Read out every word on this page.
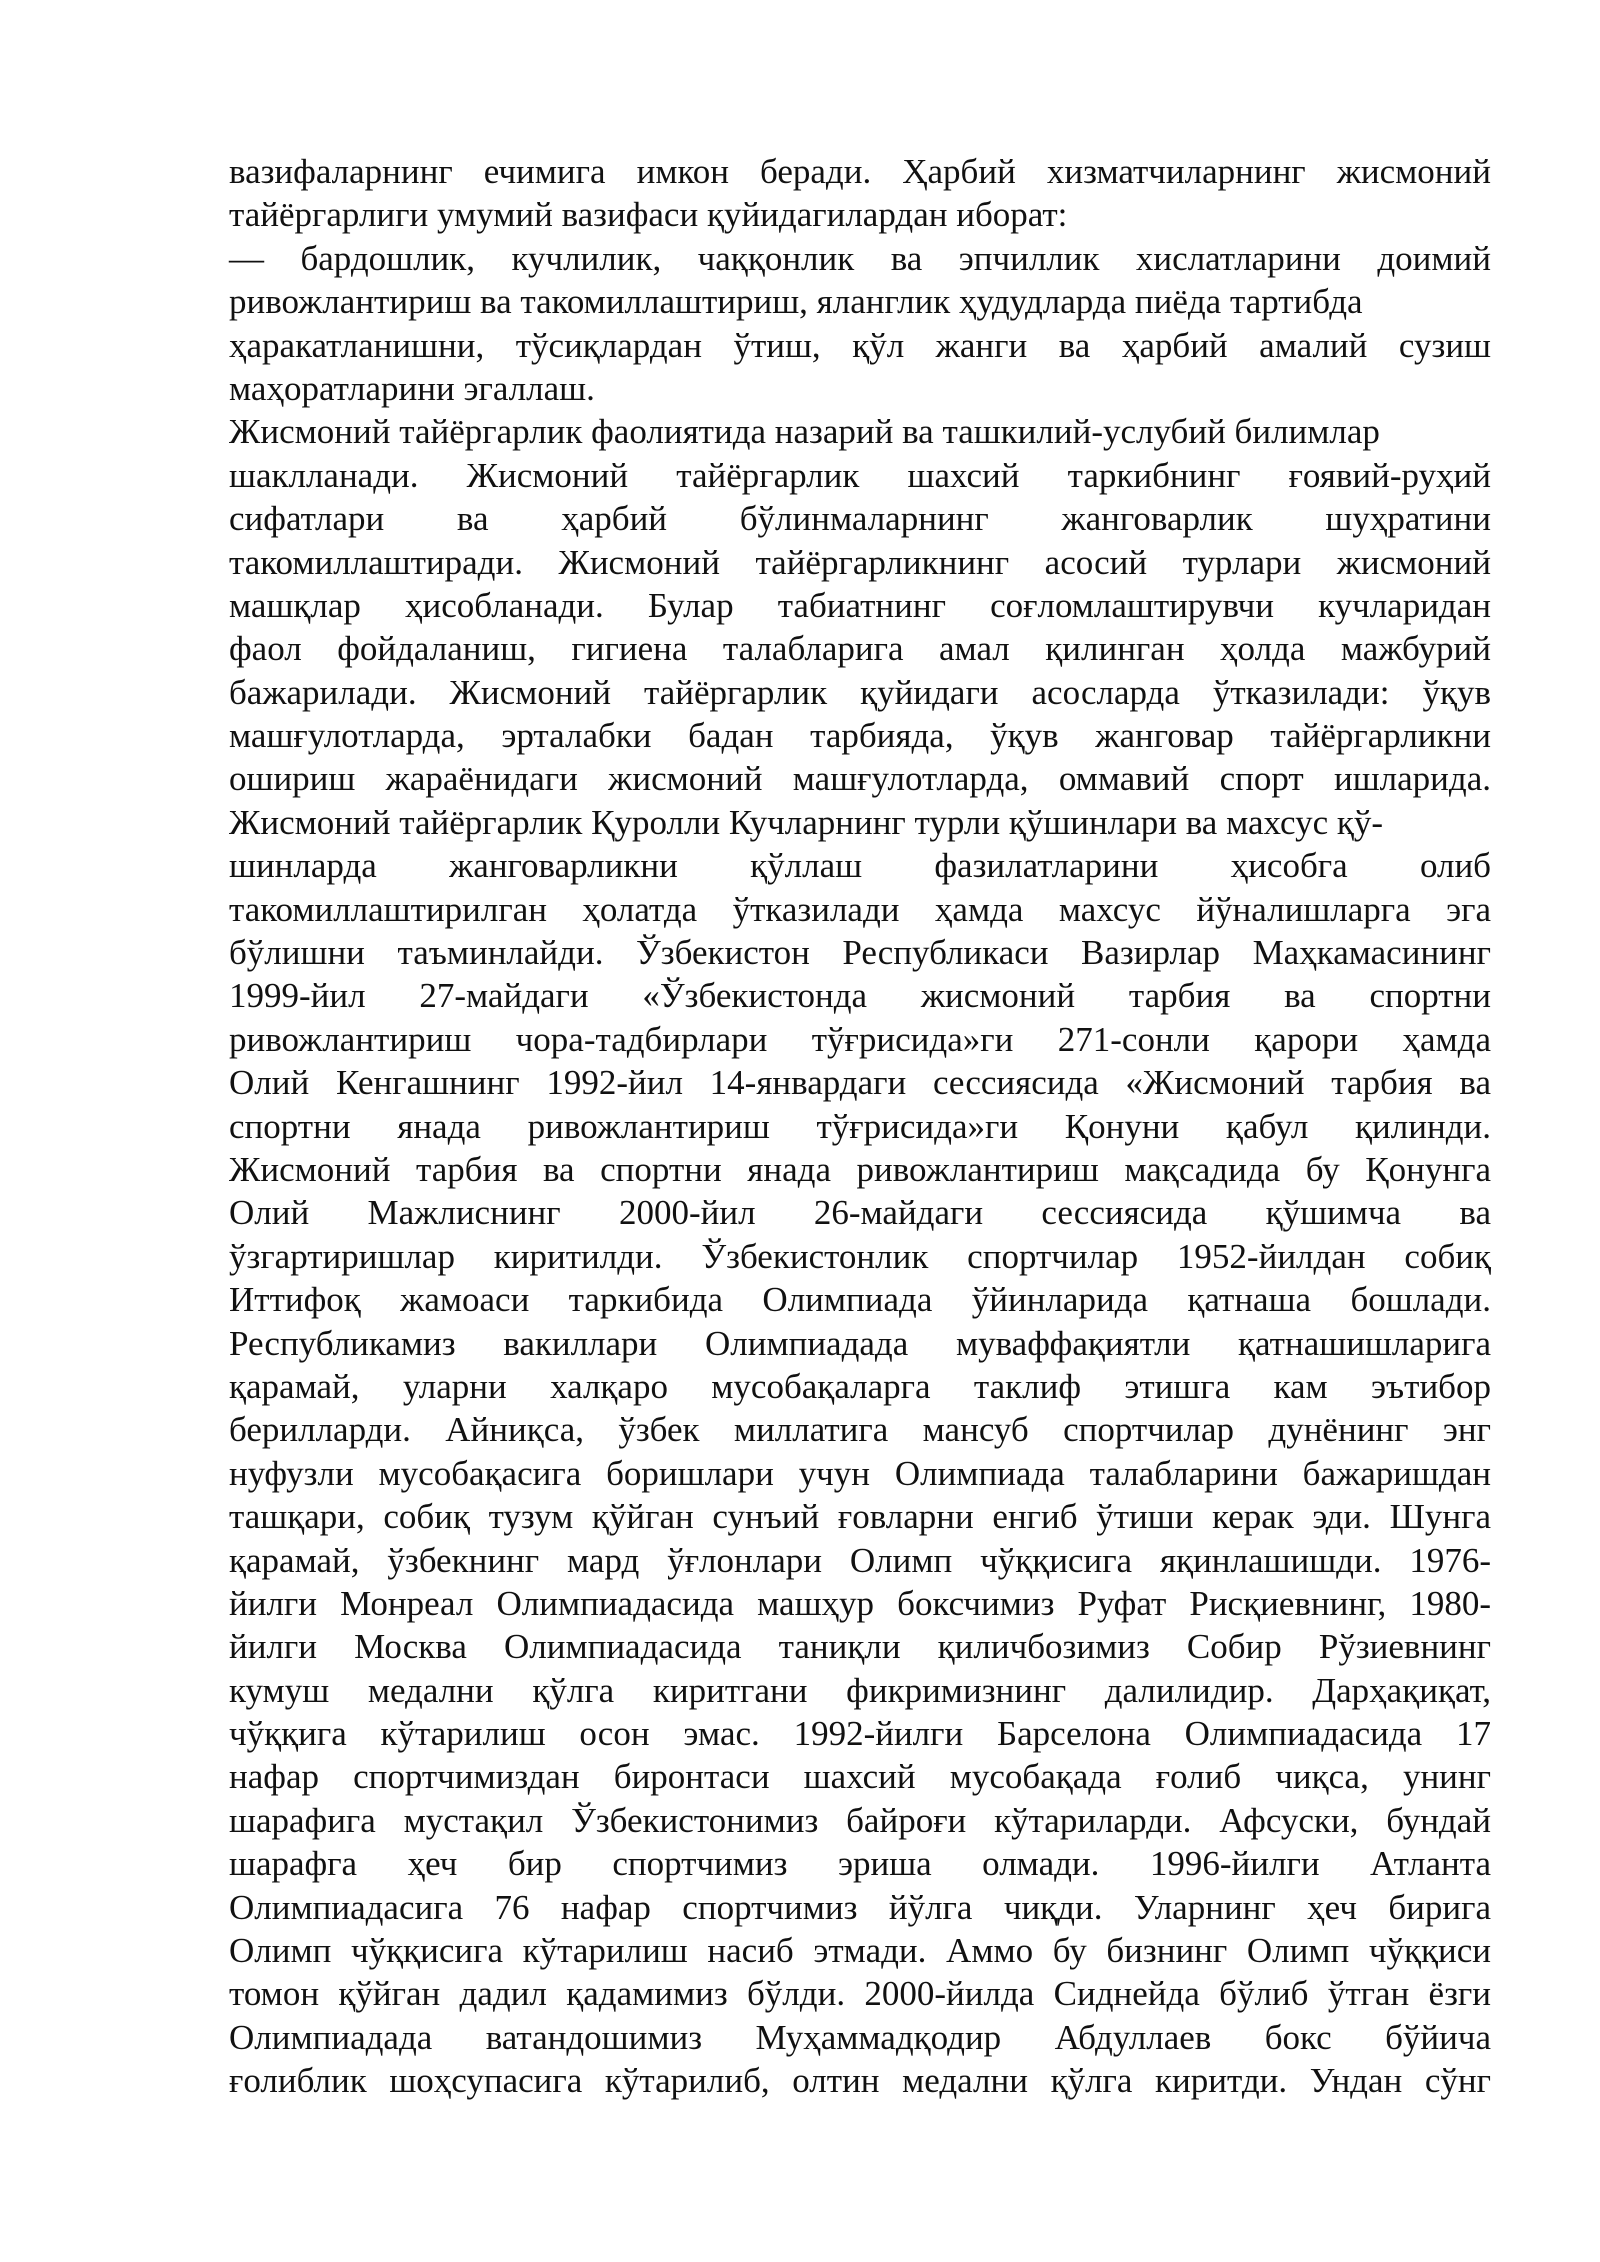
вазифаларнинг ечимига имкон беради. Ҳарбий хизматчиларнинг жисмоний
тайёргарлиги умумий вазифаси қуйидагилардан иборат:
— бардошлик, кучлилик, чаққонлик ва эпчиллик хислатларини доимий
ривожлантириш ва такомиллаштириш, яланглик ҳудудларда пиёда тартибда
ҳаракатланишни, тўсиқлардан ўтиш, қўл жанги ва ҳарбий амалий сузиш
маҳоратларини эгаллаш.
Жисмоний тайёргарлик фаолиятида назарий ва ташкилий-услубий билимлар
шаклланади. Жисмоний тайёргарлик шахсий таркибнинг ғоявий-руҳий
сифатлари ва ҳарбий бўлинмаларнинг жанговарлик шуҳратини
такомиллаштиради. Жисмоний тайёргарликнинг асосий турлари жисмоний
машқлар ҳисобланади. Булар табиатнинг соғломлаштирувчи кучларидан
фаол фойдаланиш, гигиена талабларига амал қилинган ҳолда мажбурий
бажарилади. Жисмоний тайёргарлик қуйидаги асосларда ўтказилади: ўқув
машғулотларда, эрталабки бадан тарбияда, ўқув жанговар тайёргарликни
ошириш жараёнидаги жисмоний машғулотларда, оммавий спорт ишларида.
Жисмоний тайёргарлик Қуролли Кучларнинг турли қўшинлари ва махсус қў-
шинларда жанговарликни қўллаш фазилатларини ҳисобга олиб
такомиллаштирилган ҳолатда ўтказилади ҳамда махсус йўналишларга эга
бўлишни таъминлайди. Ўзбекистон Республикаси Вазирлар Маҳкамасининг
1999-йил 27-майдаги «Ўзбекистонда жисмоний тарбия ва спортни
ривожлантириш чора-тадбирлари тўғрисида»ги 271-сонли қарори ҳамда
Олий Кенгашнинг 1992-йил 14-январдаги сессиясида «Жисмоний тарбия ва
спортни янада ривожлантириш тўғрисида»ги Қонуни қабул қилинди.
Жисмоний тарбия ва спортни янада ривожлантириш мақсадида бу Қонунга
Олий Мажлиснинг 2000-йил 26-майдаги сессиясида қўшимча ва
ўзгартиришлар киритилди. Ўзбекистонлик спортчилар 1952-йилдан собиқ
Иттифоқ жамоаси таркибида Олимпиада ўйинларида қатнаша бошлади.
Республикамиз вакиллари Олимпиадада муваффақиятли қатнашишларига
қарамай, уларни халқаро мусобақаларга таклиф этишга кам эътибор
берилларди. Айниқса, ўзбек миллатига мансуб спортчилар дунёнинг энг
нуфузли мусобақасига боришлари учун Олимпиада талабларини бажаришдан
ташқари, собиқ тузум қўйган сунъий ғовларни енгиб ўтиши керак эди. Шунга
қарамай, ўзбекнинг мард ўғлонлари Олимп чўққисига яқинлашишди. 1976-
йилги Монреал Олимпиадасида машҳур боксчимиз Руфат Рисқиевнинг, 1980-
йилги Москва Олимпиадасида таниқли қиличбозимиз Собир Рўзиевнинг
кумуш медални қўлга киритгани фикримизнинг далилидир. Дарҳақиқат,
чўққига кўтарилиш осон эмас. 1992-йилги Барселона Олимпиадасида 17
нафар спортчимиздан биронтаси шахсий мусобақада ғолиб чиқса, унинг
шарафига мустақил Ўзбекистонимиз байроғи кўтариларди. Афсуски, бундай
шарафга ҳеч бир спортчимиз эриша олмади. 1996-йилги Атланта
Олимпиадасига 76 нафар спортчимиз йўлга чиқди. Уларнинг ҳеч бирига
Олимп чўққисига кўтарилиш насиб этмади. Аммо бу бизнинг Олимп чўққиси
томон қўйган дадил қадамимиз бўлди. 2000-йилда Сиднейда бўлиб ўтган ёзги
Олимпиадада ватандошимиз Муҳаммадқодир Абдуллаев бокс бўйича
ғолиблик шоҳсупасига кўтарилиб, олтин медални қўлга киритди. Ундан сўнг
